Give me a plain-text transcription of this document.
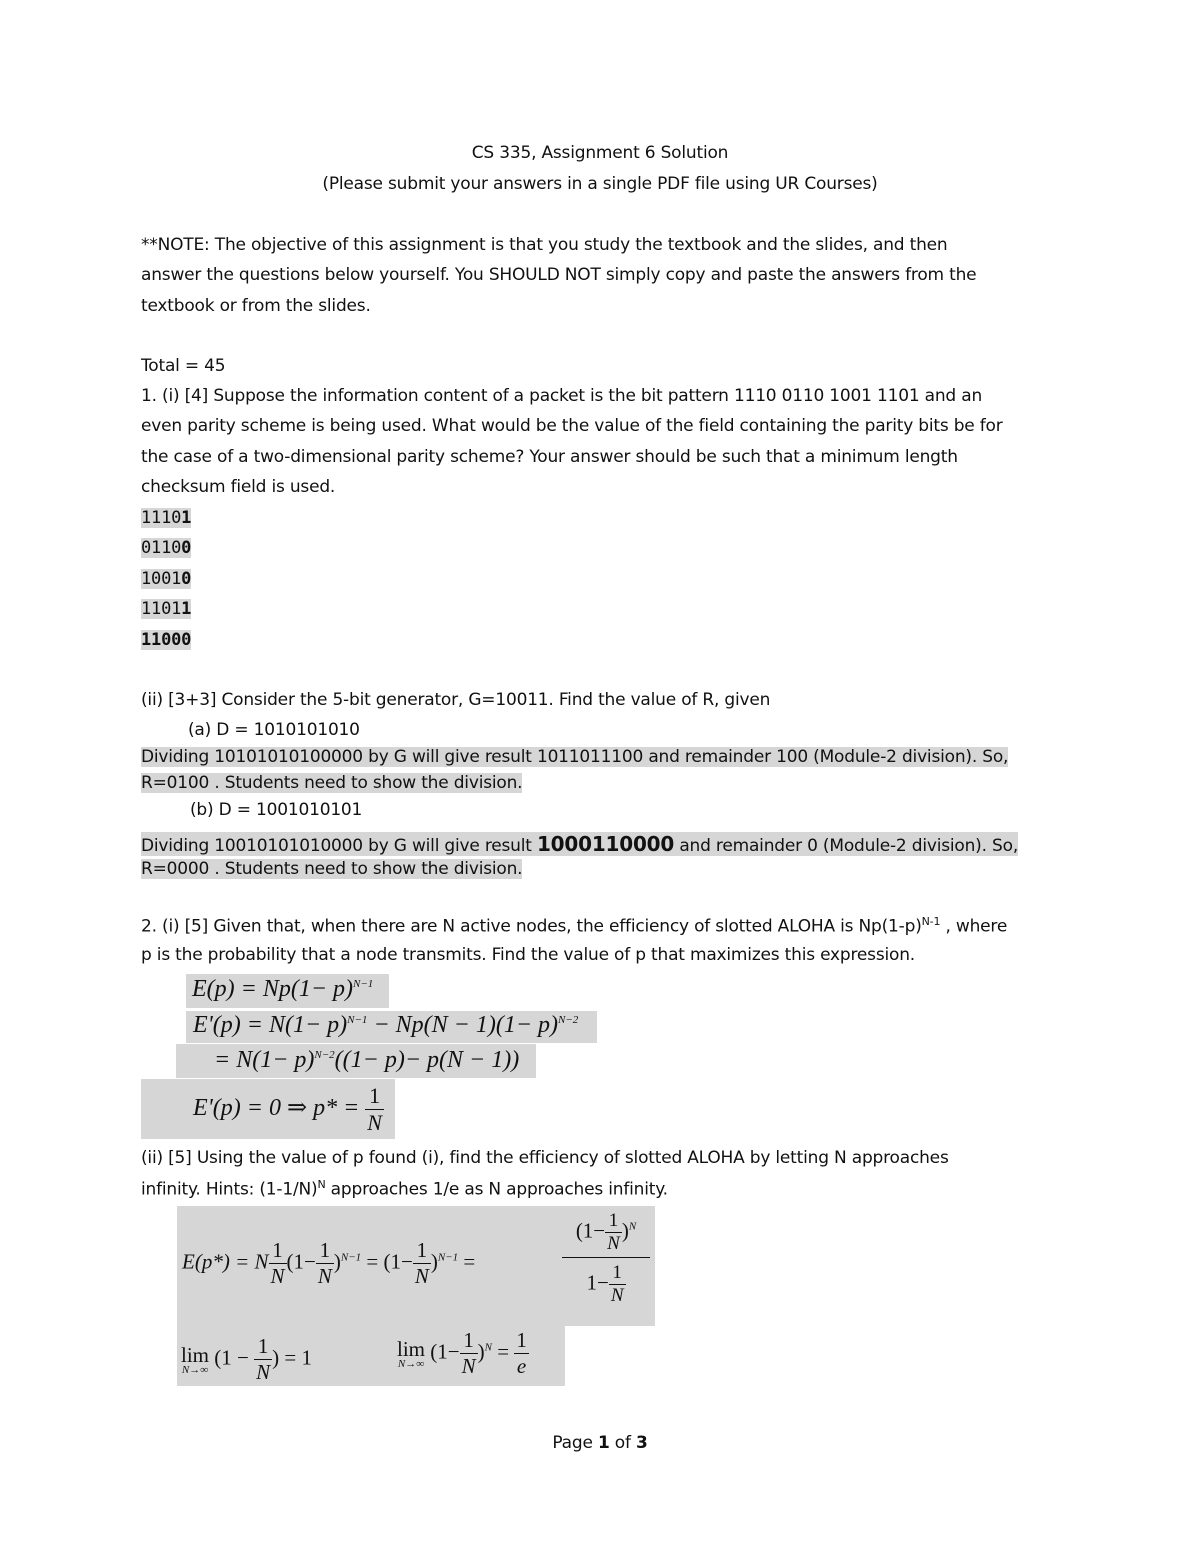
CS 335, Assignment 6 Solution
(Please submit your answers in a single PDF file using UR Courses)
**NOTE: The objective of this assignment is that you study the textbook and the slides, and then
answer the questions below yourself. You SHOULD NOT simply copy and paste the answers from the
textbook or from the slides.
Total = 45
1. (i) [4] Suppose the information content of a packet is the bit pattern 1110 0110 1001 1101 and an
even parity scheme is being used. What would be the value of the field containing the parity bits be for
the case of a two-dimensional parity scheme? Your answer should be such that a minimum length
checksum field is used.
11101
01100
10010
11011
11000
(ii) [3+3] Consider the 5-bit generator, G=10011. Find the value of R, given
(a) D = 1010101010
Dividing 10101010100000 by G will give result 1011011100 and remainder 100 (Module-2 division). So,
R=0100 . Students need to show the division.
(b) D = 1001010101
Dividing 10010101010000 by G will give result 1000110000 and remainder 0 (Module-2 division). So,
R=0000 . Students need to show the division.
2. (i) [5] Given that, when there are N active nodes, the efficiency of slotted ALOHA is $Np(1-p)^{N-1}$ , where
p is the probability that a node transmits. Find the value of p that maximizes this expression.
$E(p) = Np(1- p)^{N-1}$
$E'(p) = N(1- p)^{N-1} - Np(N - 1)(1- p)^{N-2}$
= $N(1- p)^{N-2}((1- p)- p(N - 1))$
E'(p) = 0 ⇒ $p* = \frac{1}{N}$
(ii) [5] Using the value of p found (i), find the efficiency of slotted ALOHA by letting N approaches
infinity. Hints: $(1-1/N)^N$ approaches 1/e as N approaches infinity.
E(p*) = N $\frac{1}{N} (1- \frac{1}{N} )^{N-1} = (1- \frac{1}{N} )^{N-1}$ =
$(1- \frac{1}{N} )^N$
$1- \frac{1}{N}$
lim
N→∞
($1 - \frac{1}{N}$ ) = 1	lim
N→∞
$(1- \frac{1}{N} )^N = \frac{1}{e}$
Page 1 of 3
